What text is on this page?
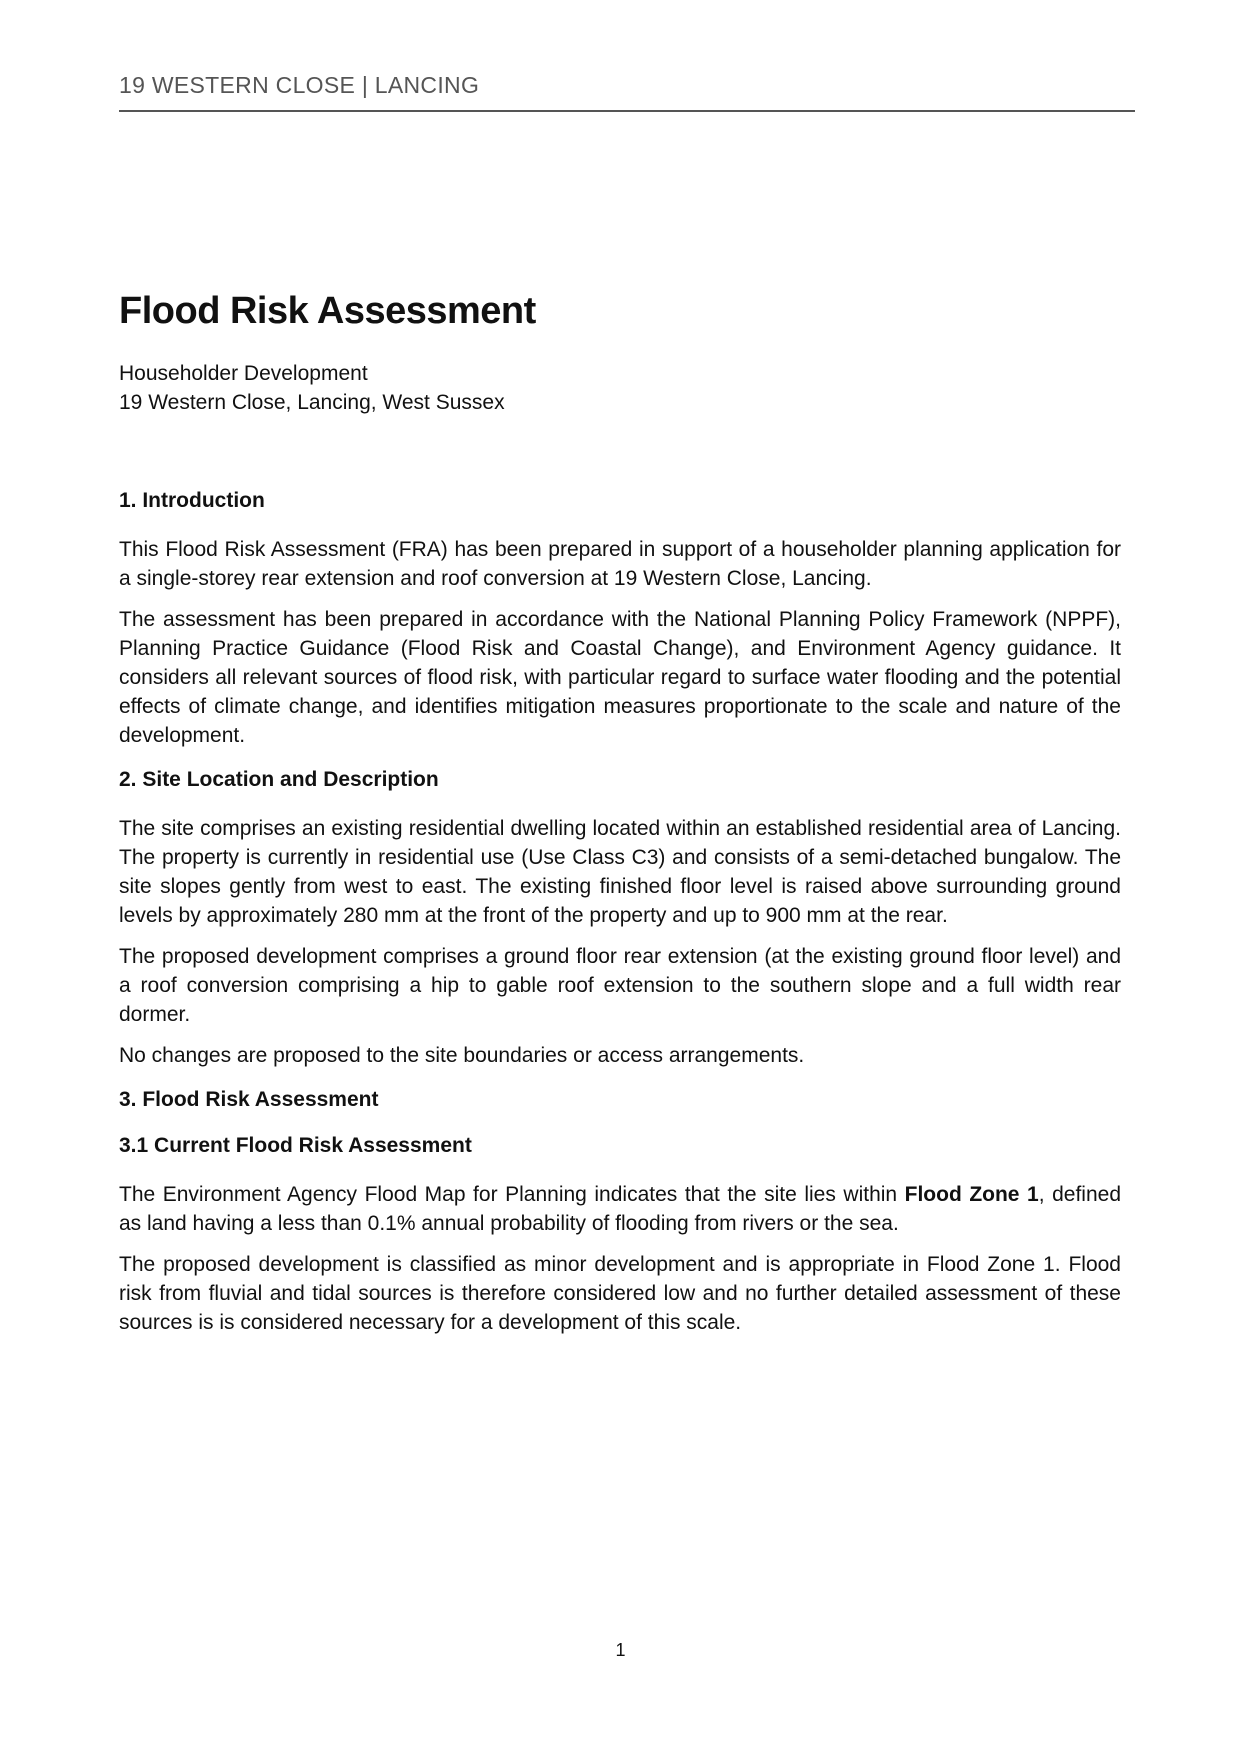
19 WESTERN CLOSE | LANCING
Flood Risk Assessment
Householder Development
19 Western Close, Lancing, West Sussex
1. Introduction

This Flood Risk Assessment (FRA) has been prepared in support of a householder planning application for a single-storey rear extension and roof conversion at 19 Western Close, Lancing.

The assessment has been prepared in accordance with the National Planning Policy Framework (NPPF), Planning Practice Guidance (Flood Risk and Coastal Change), and Environment Agency guidance. It considers all relevant sources of flood risk, with particular regard to surface water flooding and the potential effects of climate change, and identifies mitigation measures proportionate to the scale and nature of the development.

2. Site Location and Description

The site comprises an existing residential dwelling located within an established residential area of Lancing. The property is currently in residential use (Use Class C3) and consists of a semi-detached bungalow. The site slopes gently from west to east. The existing finished floor level is raised above surrounding ground levels by approximately 280 mm at the front of the property and up to 900 mm at the rear.

The proposed development comprises a ground floor rear extension (at the existing ground floor level) and a roof conversion comprising a hip to gable roof extension to the southern slope and a full width rear dormer.

No changes are proposed to the site boundaries or access arrangements.

3. Flood Risk Assessment
3.1 Current Flood Risk Assessment

The Environment Agency Flood Map for Planning indicates that the site lies within Flood Zone 1, defined as land having a less than 0.1% annual probability of flooding from rivers or the sea.

The proposed development is classified as minor development and is appropriate in Flood Zone 1. Flood risk from fluvial and tidal sources is therefore considered low and no further detailed assessment of these sources is is considered necessary for a development of this scale.

1
